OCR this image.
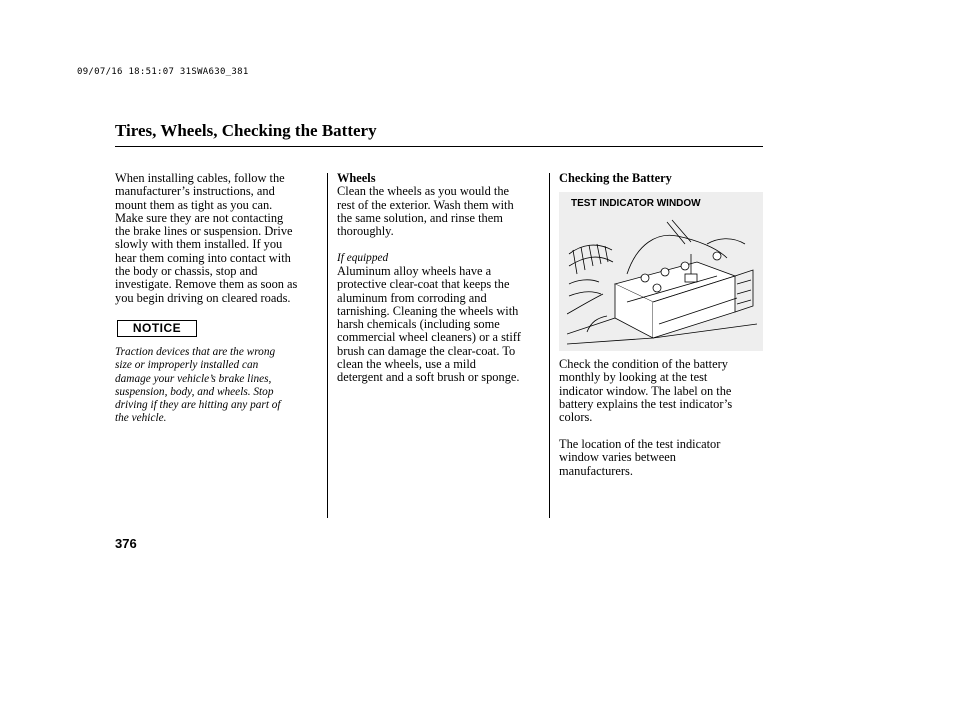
09/07/16 18:51:07 31SWA630_381
Tires, Wheels, Checking the Battery

When installing cables, follow the

manufacturer’s instructions, and

mount them as tight as you can.

Make sure they are not contacting

the brake lines or suspension. Drive

slowly with them installed. If you

hear them coming into contact with

the body or chassis, stop and

investigate. Remove them as soon as

you begin driving on cleared roads.

NOTICE

Traction devices that are the wrong

size or improperly installed can

damage your vehicle’s brake lines,

suspension, body, and wheels. Stop

driving if they are hitting any part of

the vehicle.

Wheels

Clean the wheels as you would the

rest of the exterior. Wash them with

the same solution, and rinse them

thoroughly.

If equipped

Aluminum alloy wheels have a

protective clear-coat that keeps the

aluminum from corroding and

tarnishing. Cleaning the wheels with

harsh chemicals (including some

commercial wheel cleaners) or a stiff

brush can damage the clear-coat. To

clean the wheels, use a mild

detergent and a soft brush or sponge.

Checking the Battery

TEST INDICATOR WINDOW

Check the condition of the battery

monthly by looking at the test

indicator window. The label on the

battery explains the test indicator’s

colors.

The location of the test indicator

window varies between

manufacturers.

376
